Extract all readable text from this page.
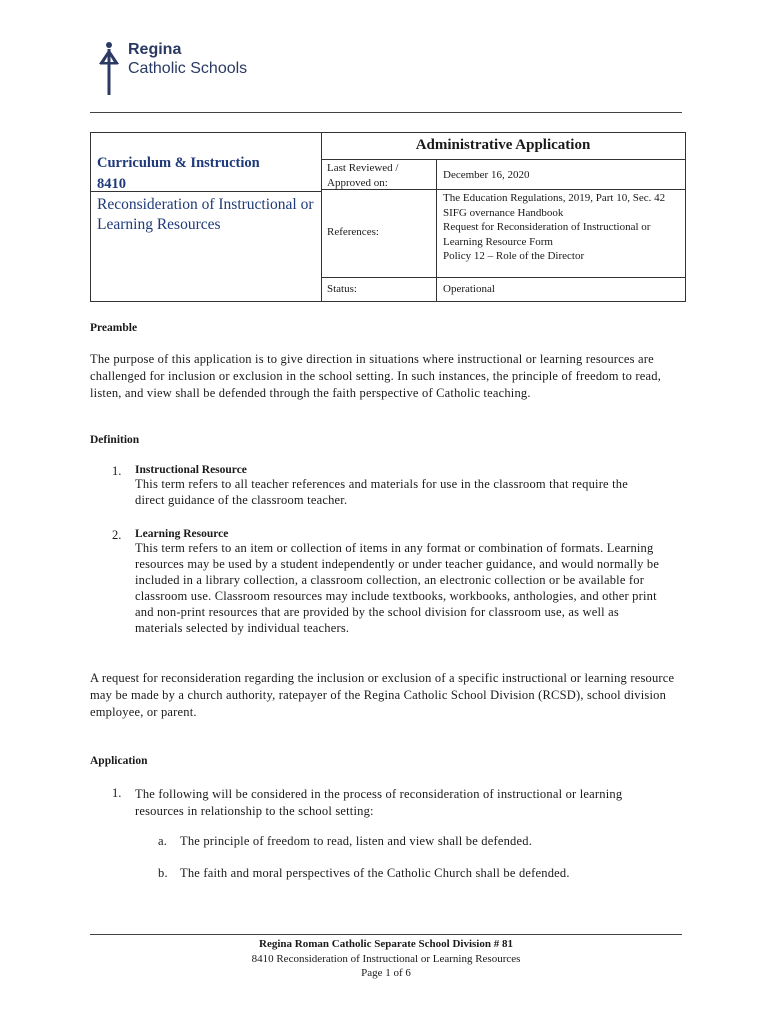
Regina
Catholic Schools
Curriculum & Instruction
8410
Reconsideration of Instructional or Learning Resources
Administrative Application
Last Reviewed / Approved on:
December 16, 2020
References:
The Education Regulations, 2019, Part 10, Sec. 42
SIFG overnance Handbook
Request for Reconsideration of Instructional or Learning Resource Form
Policy 12 – Role of the Director
Status:	Operational
Preamble
The purpose of this application is to give direction in situations where instructional or learning resources are challenged for inclusion or exclusion in the school setting. In such instances, the principle of freedom to read, listen, and view shall be defended through the faith perspective of Catholic teaching.
Definition
1. Instructional Resource
This term refers to all teacher references and materials for use in the classroom that require the direct guidance of the classroom teacher.
2. Learning Resource
This term refers to an item or collection of items in any format or combination of formats. Learning resources may be used by a student independently or under teacher guidance, and would normally be included in a library collection, a classroom collection, an electronic collection or be available for classroom use. Classroom resources may include textbooks, workbooks, anthologies, and other print and non-print resources that are provided by the school division for classroom use, as well as materials selected by individual teachers.
A request for reconsideration regarding the inclusion or exclusion of a specific instructional or learning resource may be made by a church authority, ratepayer of the Regina Catholic School Division (RCSD), school division employee, or parent.
Application
1. The following will be considered in the process of reconsideration of instructional or learning resources in relationship to the school setting:
a. The principle of freedom to read, listen and view shall be defended.
b. The faith and moral perspectives of the Catholic Church shall be defended.
Regina Roman Catholic Separate School Division # 81
8410 Reconsideration of Instructional or Learning Resources
Page 1 of 6
